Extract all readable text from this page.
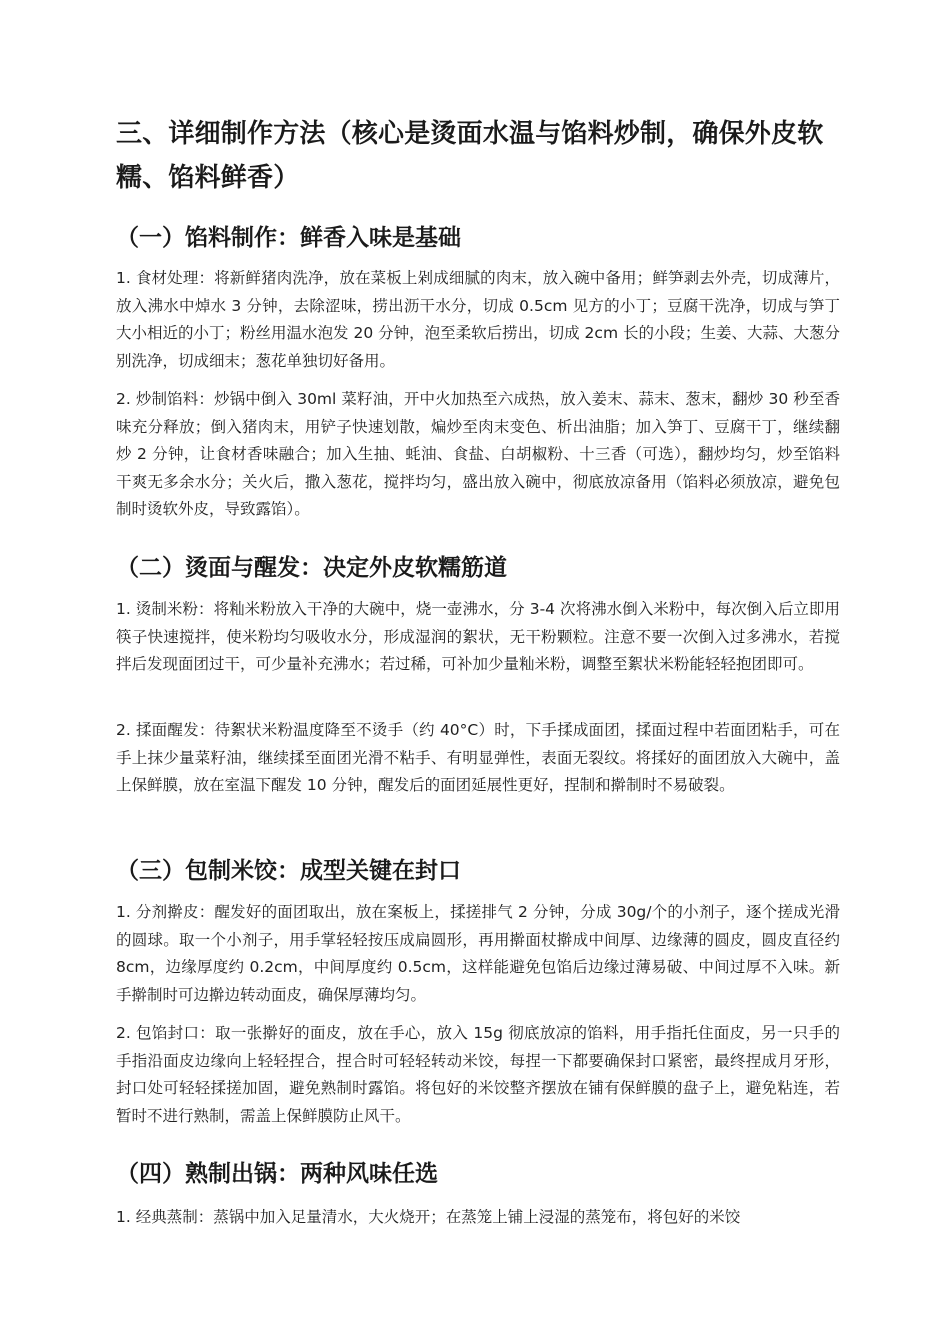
三、详细制作方法（核心是烫面水温与馅料炒制，确保外皮软糯、馅料鲜香）
（一）馅料制作：鲜香入味是基础

1. 食材处理：将新鲜猪肉洗净，放在菜板上剁成细腻的肉末，放入碗中备用；鲜笋剥去外壳，切成薄片，放入沸水中焯水 3 分钟，去除涩味，捞出沥干水分，切成 0.5cm 见方的小丁；豆腐干洗净，切成与笋丁大小相近的小丁；粉丝用温水泡发 20 分钟，泡至柔软后捞出，切成 2cm 长的小段；生姜、大蒜、大葱分别洗净，切成细末；葱花单独切好备用。

2. 炒制馅料：炒锅中倒入 30ml 菜籽油，开中火加热至六成热，放入姜末、蒜末、葱末，翻炒 30 秒至香味充分释放；倒入猪肉末，用铲子快速划散，煸炒至肉末变色、析出油脂；加入笋丁、豆腐干丁，继续翻炒 2 分钟，让食材香味融合；加入生抽、蚝油、食盐、白胡椒粉、十三香（可选），翻炒均匀，炒至馅料干爽无多余水分；关火后，撒入葱花，搅拌均匀，盛出放入碗中，彻底放凉备用（馅料必须放凉，避免包制时烫软外皮，导致露馅）。

（二）烫面与醒发：决定外皮软糯筋道

1. 烫制米粉：将籼米粉放入干净的大碗中，烧一壶沸水，分 3-4 次将沸水倒入米粉中，每次倒入后立即用筷子快速搅拌，使米粉均匀吸收水分，形成湿润的絮状，无干粉颗粒。注意不要一次倒入过多沸水，若搅拌后发现面团过干，可少量补充沸水；若过稀，可补加少量籼米粉，调整至絮状米粉能轻轻抱团即可。

2. 揉面醒发：待絮状米粉温度降至不烫手（约 40°C）时，下手揉成面团，揉面过程中若面团粘手，可在手上抹少量菜籽油，继续揉至面团光滑不粘手、有明显弹性，表面无裂纹。将揉好的面团放入大碗中，盖上保鲜膜，放在室温下醒发 10 分钟，醒发后的面团延展性更好，捏制和擀制时不易破裂。

（三）包制米饺：成型关键在封口

1. 分剂擀皮：醒发好的面团取出，放在案板上，揉搓排气 2 分钟，分成 30g/个的小剂子，逐个搓成光滑的圆球。取一个小剂子，用手掌轻轻按压成扁圆形，再用擀面杖擀成中间厚、边缘薄的圆皮，圆皮直径约 8cm，边缘厚度约 0.2cm，中间厚度约 0.5cm，这样能避免包馅后边缘过薄易破、中间过厚不入味。新手擀制时可边擀边转动面皮，确保厚薄均匀。

2. 包馅封口：取一张擀好的面皮，放在手心，放入 15g 彻底放凉的馅料，用手指托住面皮，另一只手的手指沿面皮边缘向上轻轻捏合，捏合时可轻轻转动米饺，每捏一下都要确保封口紧密，最终捏成月牙形，封口处可轻轻揉搓加固，避免熟制时露馅。将包好的米饺整齐摆放在铺有保鲜膜的盘子上，避免粘连，若暂时不进行熟制，需盖上保鲜膜防止风干。

（四）熟制出锅：两种风味任选

1. 经典蒸制：蒸锅中加入足量清水，大火烧开；在蒸笼上铺上浸湿的蒸笼布，将包好的米饺
